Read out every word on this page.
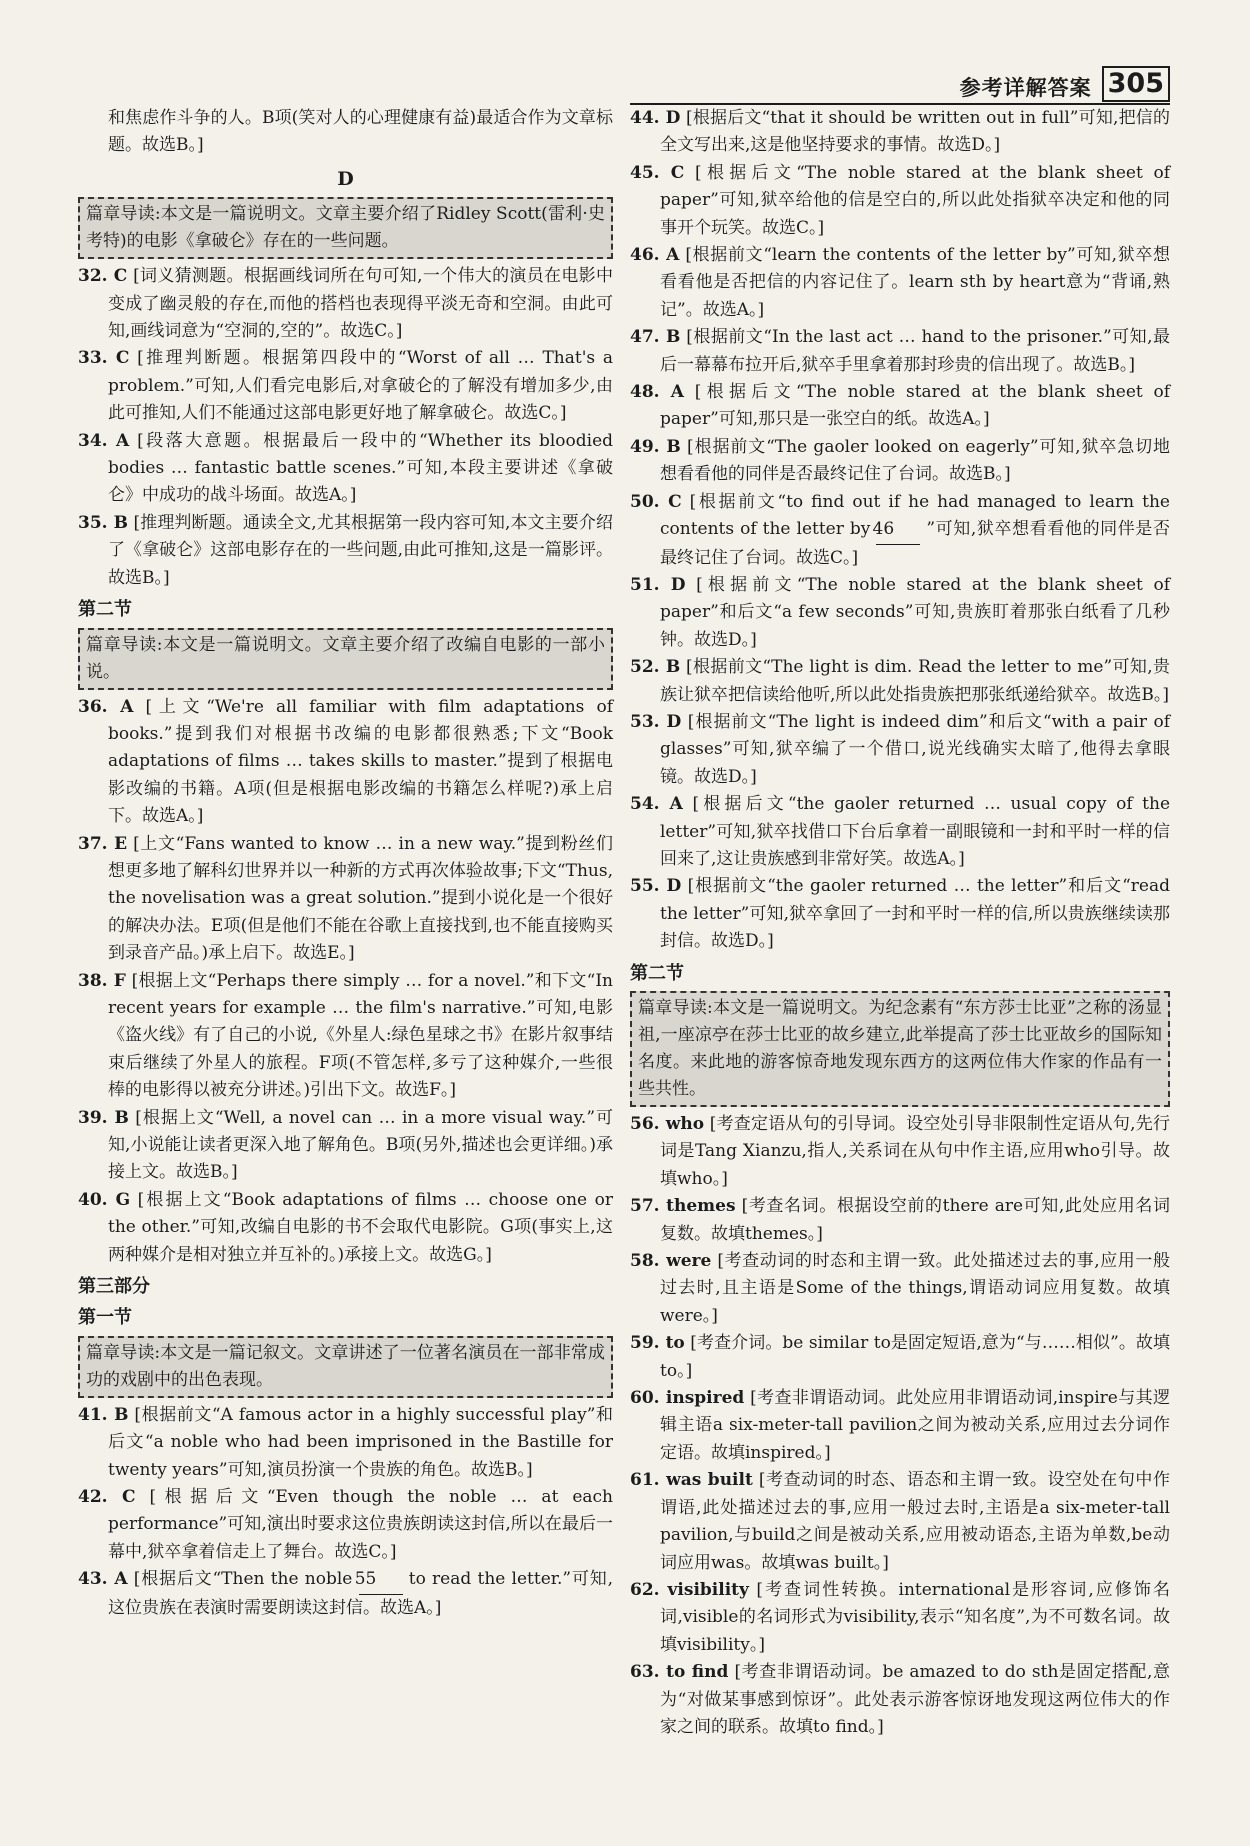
参考详解答案 305

和焦虑作斗争的人。B项(笑对人的心理健康有益)最适合作为文章标题。故选B。]

D
篇章导读:本文是一篇说明文。文章主要介绍了Ridley Scott(雷利·史考特)的电影《拿破仑》存在的一些问题。

32. C [词义猜测题。根据画线词所在句可知,一个伟大的演员在电影中变成了幽灵般的存在,而他的搭档也表现得平淡无奇和空洞。由此可知,画线词意为“空洞的,空的”。故选C。]

33. C [推理判断题。根据第四段中的“Worst of all … That's a problem.”可知,人们看完电影后,对拿破仑的了解没有增加多少,由此可推知,人们不能通过这部电影更好地了解拿破仑。故选C。]

34. A [段落大意题。根据最后一段中的“Whether its bloodied bodies … fantastic battle scenes.”可知,本段主要讲述《拿破仑》中成功的战斗场面。故选A。]

35. B [推理判断题。通读全文,尤其根据第一段内容可知,本文主要介绍了《拿破仑》这部电影存在的一些问题,由此可推知,这是一篇影评。故选B。]

第二节
篇章导读:本文是一篇说明文。文章主要介绍了改编自电影的一部小说。

36. A [上文“We're all familiar with film adaptations of books.”提到我们对根据书改编的电影都很熟悉;下文“Book adaptations of films … takes skills to master.”提到了根据电影改编的书籍。A项(但是根据电影改编的书籍怎么样呢?)承上启下。故选A。]

37. E [上文“Fans wanted to know … in a new way.”提到粉丝们想更多地了解科幻世界并以一种新的方式再次体验故事;下文“Thus, the novelisation was a great solution.”提到小说化是一个很好的解决办法。E项(但是他们不能在谷歌上直接找到,也不能直接购买到录音产品。)承上启下。故选E。]

38. F [根据上文“Perhaps there simply … for a novel.”和下文“In recent years for example … the film's narrative.”可知,电影《盗火线》有了自己的小说,《外星人:绿色星球之书》在影片叙事结束后继续了外星人的旅程。F项(不管怎样,多亏了这种媒介,一些很棒的电影得以被充分讲述。)引出下文。故选F。]

39. B [根据上文“Well, a novel can … in a more visual way.”可知,小说能让读者更深入地了解角色。B项(另外,描述也会更详细。)承接上文。故选B。]

40. G [根据上文“Book adaptations of films … choose one or the other.”可知,改编自电影的书不会取代电影院。G项(事实上,这两种媒介是相对独立并互补的。)承接上文。故选G。]

第三部分
第一节
篇章导读:本文是一篇记叙文。文章讲述了一位著名演员在一部非常成功的戏剧中的出色表现。

41. B [根据前文“A famous actor in a highly successful play”和后文“a noble who had been imprisoned in the Bastille for twenty years”可知,演员扮演一个贵族的角色。故选B。]

42. C [根据后文“Even though the noble … at each performance”可知,演出时要求这位贵族朗读这封信,所以在最后一幕中,狱卒拿着信走上了舞台。故选C。]

43. A [根据后文“Then the noble 55 to read the letter.”可知,这位贵族在表演时需要朗读这封信。故选A。]

44. D [根据后文“that it should be written out in full”可知,把信的全文写出来,这是他坚持要求的事情。故选D。]

45. C [根据后文“The noble stared at the blank sheet of paper”可知,狱卒给他的信是空白的,所以此处指狱卒决定和他的同事开个玩笑。故选C。]

46. A [根据前文“learn the contents of the letter by”可知,狱卒想看看他是否把信的内容记住了。learn sth by heart意为“背诵,熟记”。故选A。]

47. B [根据前文“In the last act … hand to the prisoner.”可知,最后一幕幕布拉开后,狱卒手里拿着那封珍贵的信出现了。故选B。]

48. A [根据后文“The noble stared at the blank sheet of paper”可知,那只是一张空白的纸。故选A。]

49. B [根据前文“The gaoler looked on eagerly”可知,狱卒急切地想看看他的同伴是否最终记住了台词。故选B。]

50. C [根据前文“to find out if he had managed to learn the contents of the letter by 46 ”可知,狱卒想看看他的同伴是否最终记住了台词。故选C。]

51. D [根据前文“The noble stared at the blank sheet of paper”和后文“a few seconds”可知,贵族盯着那张白纸看了几秒钟。故选D。]

52. B [根据前文“The light is dim. Read the letter to me”可知,贵族让狱卒把信读给他听,所以此处指贵族把那张纸递给狱卒。故选B。]

53. D [根据前文“The light is indeed dim”和后文“with a pair of glasses”可知,狱卒编了一个借口,说光线确实太暗了,他得去拿眼镜。故选D。]

54. A [根据后文“the gaoler returned … usual copy of the letter”可知,狱卒找借口下台后拿着一副眼镜和一封和平时一样的信回来了,这让贵族感到非常好笑。故选A。]

55. D [根据前文“the gaoler returned … the letter”和后文“read the letter”可知,狱卒拿回了一封和平时一样的信,所以贵族继续读那封信。故选D。]

第二节
篇章导读:本文是一篇说明文。为纪念素有“东方莎士比亚”之称的汤显祖,一座凉亭在莎士比亚的故乡建立,此举提高了莎士比亚故乡的国际知名度。来此地的游客惊奇地发现东西方的这两位伟大作家的作品有一些共性。

56. who [考查定语从句的引导词。设空处引导非限制性定语从句,先行词是Tang Xianzu,指人,关系词在从句中作主语,应用who引导。故填who。]

57. themes [考查名词。根据设空前的there are可知,此处应用名词复数。故填themes。]

58. were [考查动词的时态和主谓一致。此处描述过去的事,应用一般过去时,且主语是Some of the things,谓语动词应用复数。故填were。]

59. to [考查介词。be similar to是固定短语,意为“与……相似”。故填to。]

60. inspired [考查非谓语动词。此处应用非谓语动词,inspire与其逻辑主语a six-meter-tall pavilion之间为被动关系,应用过去分词作定语。故填inspired。]

61. was built [考查动词的时态、语态和主谓一致。设空处在句中作谓语,此处描述过去的事,应用一般过去时,主语是a six-meter-tall pavilion,与build之间是被动关系,应用被动语态,主语为单数,be动词应用was。故填was built。]

62. visibility [考查词性转换。international是形容词,应修饰名词,visible的名词形式为visibility,表示“知名度”,为不可数名词。故填visibility。]

63. to find [考查非谓语动词。be amazed to do sth是固定搭配,意为“对做某事感到惊讶”。此处表示游客惊讶地发现这两位伟大的作家之间的联系。故填to find。]
